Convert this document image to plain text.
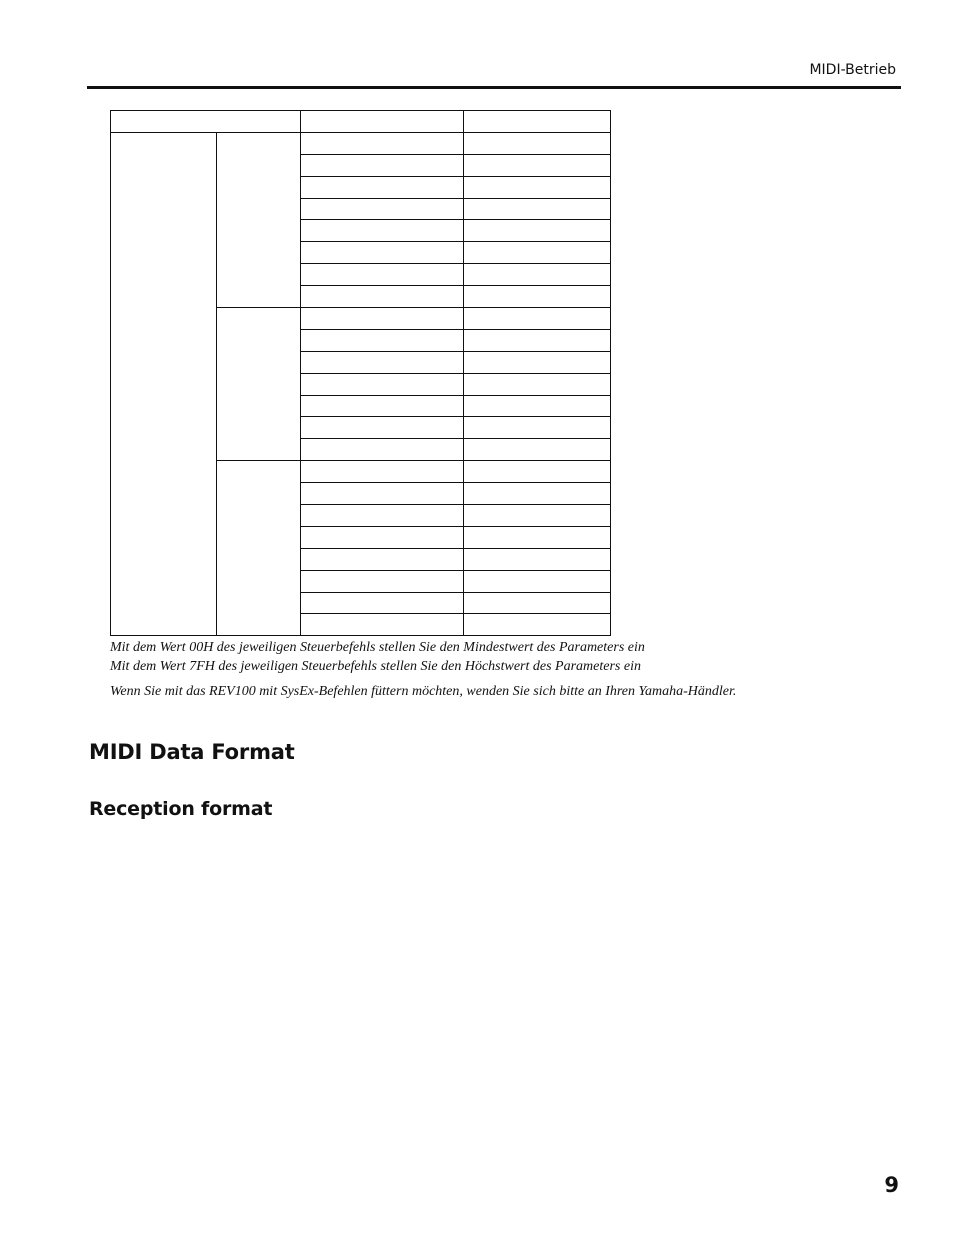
MIDI-Betrieb

Mit dem Wert 00H des jeweiligen Steuerbefehls stellen Sie den Mindestwert des Parameters ein

Mit dem Wert 7FH des jeweiligen Steuerbefehls stellen Sie den Höchstwert des Parameters ein

Wenn Sie mit das REV100 mit SysEx-Befehlen füttern möchten, wenden Sie sich bitte an Ihren Yamaha-Händler.

MIDI Data Format
Reception format
9
